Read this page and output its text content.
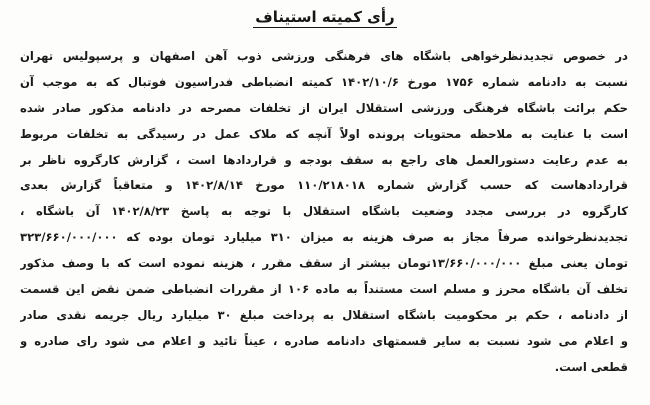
رأی کمیته استیناف
در خصوص تجدیدنظرخواهی باشگاه های فرهنگی ورزشی ذوب آهن اصفهان و پرسپولیس تهران
نسبت به دادنامه شماره ۱۷۵۶ مورخ ۱۴۰۲/۱۰/۶ کمیته انضباطی فدراسیون فوتبال که به موجب آن
حکم برائت باشگاه فرهنگی ورزشی استقلال ایران از تخلفات مصرحه در دادنامه مذکور صادر شده
است با عنایت به ملاحظه محتویات پرونده اولاً آنچه که ملاک عمل در رسیدگی به تخلفات مربوط
به عدم رعایت دستورالعمل های راجع به سقف بودجه و قراردادها است ، گزارش کارگروه ناظر بر
قراردادهاست که حسب گزارش شماره ۱۱۰/۲۱۸۰۱۸ مورخ ۱۴۰۲/۸/۱۴ و متعاقباً گزارش بعدی
کارگروه در بررسی مجدد وضعیت باشگاه استقلال با توجه به پاسخ ۱۴۰۲/۸/۲۳ آن باشگاه ،
تجدیدنظرخوانده صرفاً مجاز به صرف هزینه به میزان ۳۱۰ میلیارد تومان بوده که ۳۲۳/۶۶۰/۰۰۰/۰۰۰
تومان یعنی مبلغ ۱۳/۶۶۰/۰۰۰/۰۰۰تومان بیشتر از سقف مقرر ، هزینه نموده است که با وصف مذکور
تخلف آن باشگاه محرز و مسلم است مستنداً به ماده ۱۰۶ از مقررات انضباطی ضمن نقض این قسمت
از دادنامه ، حکم بر محکومیت باشگاه استقلال به پرداخت مبلغ ۳۰ میلیارد ریال جریمه نقدی صادر
و اعلام می شود نسبت به سایر قسمتهای دادنامه صادره ، عیناً تائید و اعلام می شود رای صادره و
قطعی است.
